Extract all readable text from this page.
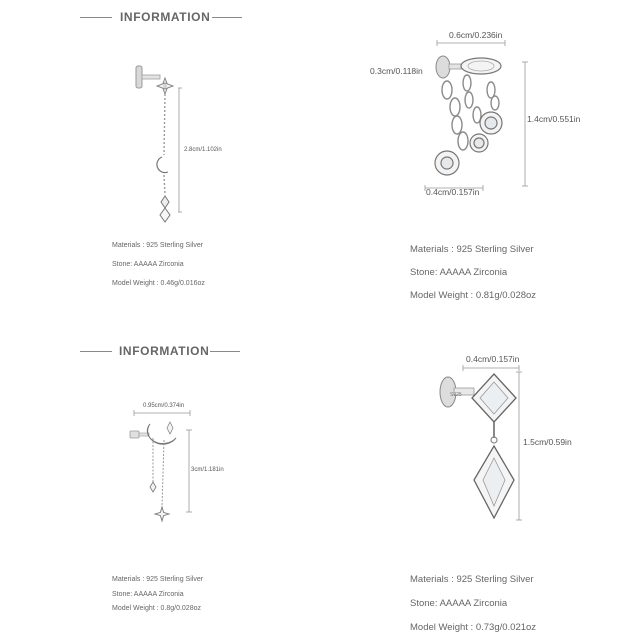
INFORMATION
2.8cm/1.102in
Materials : 925 Sterling Silver
Stone: AAAAA Zirconia
Model Weight : 0.46g/0.016oz
0.6cm/0.236in
0.3cm/0.118in
1.4cm/0.551in
0.4cm/0.157in
Materials : 925 Sterling Silver
Stone: AAAAA Zirconia
Model Weight : 0.81g/0.028oz
INFORMATION
0.95cm/0.374in
3cm/1.181in
Materials : 925 Sterling Silver
Stone: AAAAA Zirconia
Model Weight : 0.8g/0.028oz
0.4cm/0.157in
S925
1.5cm/0.59in
Materials : 925 Sterling Silver
Stone: AAAAA Zirconia
Model Weight : 0.73g/0.021oz
